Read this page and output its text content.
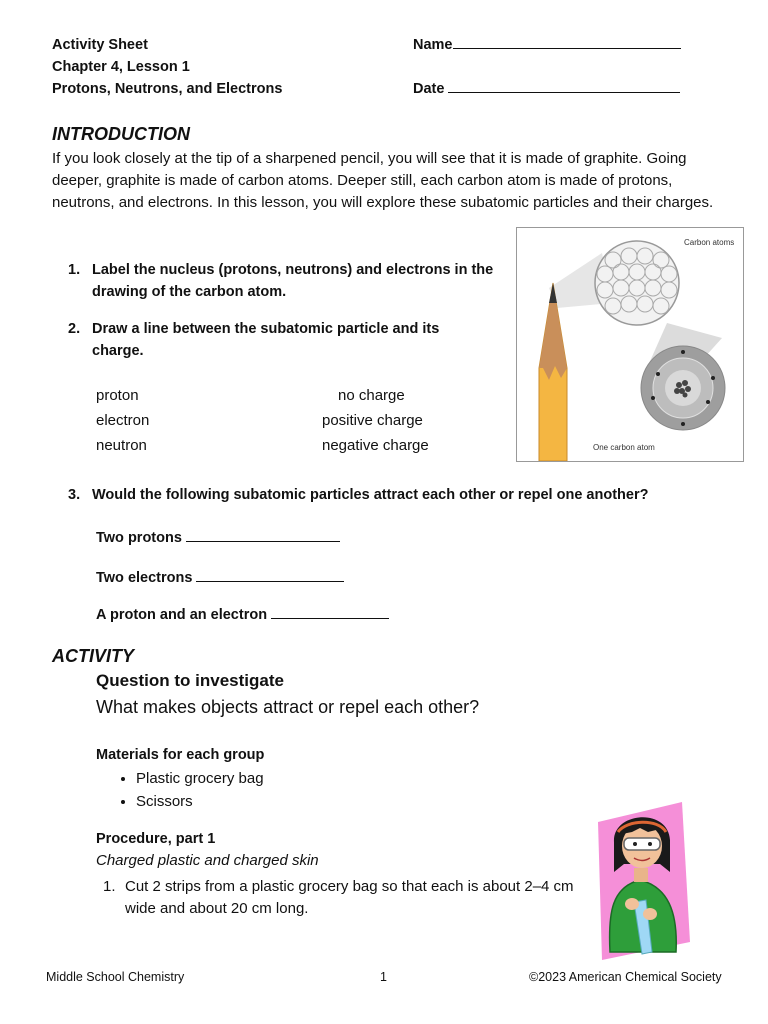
Activity Sheet
Chapter 4, Lesson 1
Protons, Neutrons, and Electrons
Name
Date
INTRODUCTION
If you look closely at the tip of a sharpened pencil, you will see that it is made of graphite. Going deeper, graphite is made of carbon atoms. Deeper still, each carbon atom is made of protons, neutrons, and electrons. In this lesson, you will explore these subatomic particles and their charges.
1. Label the nucleus (protons, neutrons) and electrons in the drawing of the carbon atom.
2. Draw a line between the subatomic particle and its charge.
proton
electron
neutron
no charge
positive charge
negative charge
Carbon atoms
One carbon atom
3. Would the following subatomic particles attract each other or repel one another?
Two protons
Two electrons
A proton and an electron
ACTIVITY
Question to investigate
What makes objects attract or repel each other?
Materials for each group
• Plastic grocery bag
• Scissors
Procedure, part 1
Charged plastic and charged skin
1. Cut 2 strips from a plastic grocery bag so that each is about 2–4 cm wide and about 20 cm long.
Middle School Chemistry	1	©2023 American Chemical Society
